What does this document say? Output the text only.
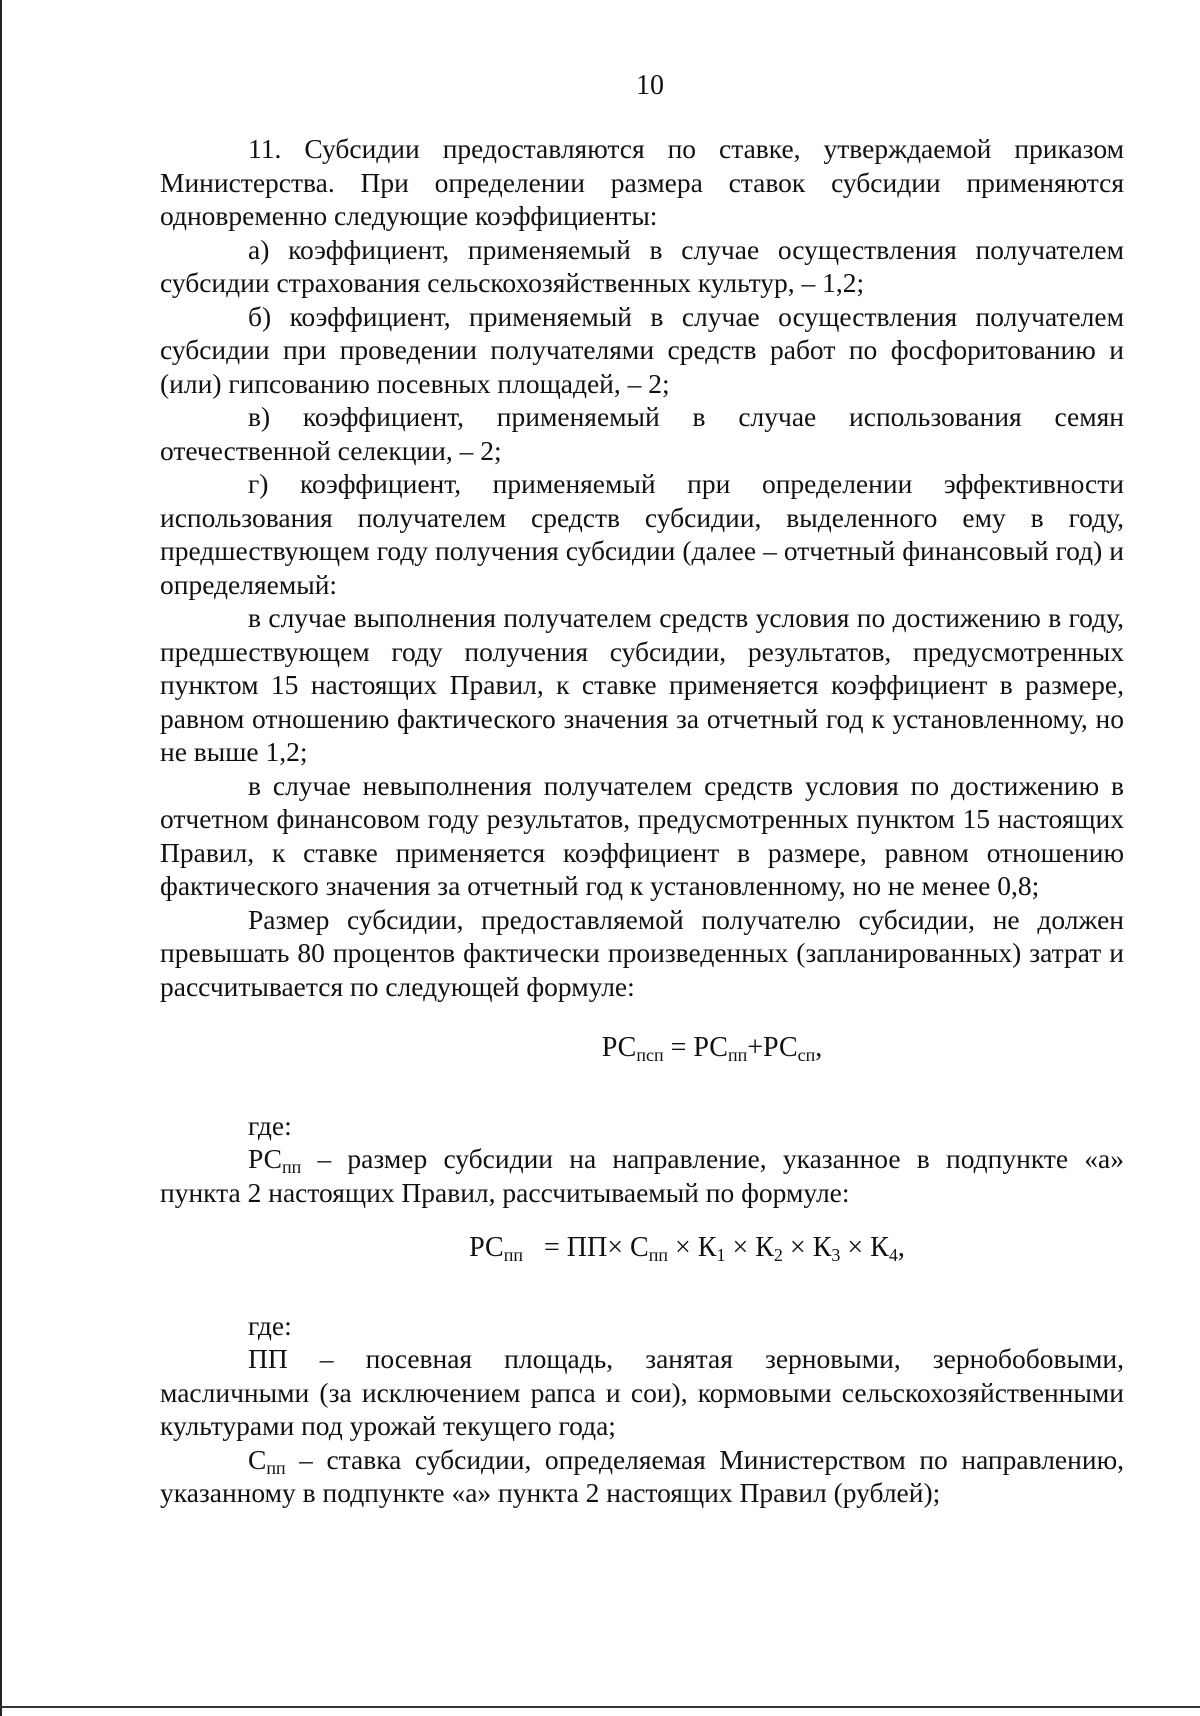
10

11. Субсидии предоставляются по ставке, утверждаемой приказом Министерства. При определении размера ставок субсидии применяются одновременно следующие коэффициенты:

а) коэффициент, применяемый в случае осуществления получателем субсидии страхования сельскохозяйственных культур, – 1,2;

б) коэффициент, применяемый в случае осуществления получателем субсидии при проведении получателями средств работ по фосфоритованию и (или) гипсованию посевных площадей, – 2;

в) коэффициент, применяемый в случае использования семян отечественной селекции, – 2;

г) коэффициент, применяемый при определении эффективности использования получателем средств субсидии, выделенного ему в году, предшествующем году получения субсидии (далее – отчетный финансовый год) и определяемый:

в случае выполнения получателем средств условия по достижению в году, предшествующем году получения субсидии, результатов, предусмотренных пунктом 15 настоящих Правил, к ставке применяется коэффициент в размере, равном отношению фактического значения за отчетный год к установленному, но не выше 1,2;

в случае невыполнения получателем средств условия по достижению в отчетном финансовом году результатов, предусмотренных пунктом 15 настоящих Правил, к ставке применяется коэффициент в размере, равном отношению фактического значения за отчетный год к установленному, но не менее 0,8;

Размер субсидии, предоставляемой получателю субсидии, не должен превышать 80 процентов фактически произведенных (запланированных) затрат и рассчитывается по следующей формуле:

$РС_{псп} = РС_{пп}+РС_{сп}$,

где:

$РС_{пп}$ – размер субсидии на направление, указанное в подпункте «а» пункта 2 настоящих Правил, рассчитываемый по формуле:

$РС_{пп} = ПП\times С_{пп} \times К_1 \times К_2 \times К_3 \times К_4$,

где:

ПП – посевная площадь, занятая зерновыми, зернобобовыми, масличными (за исключением рапса и сои), кормовыми сельскохозяйственными культурами под урожай текущего года;

$С_{пп}$ – ставка субсидии, определяемая Министерством по направлению, указанному в подпункте «а» пункта 2 настоящих Правил (рублей);
